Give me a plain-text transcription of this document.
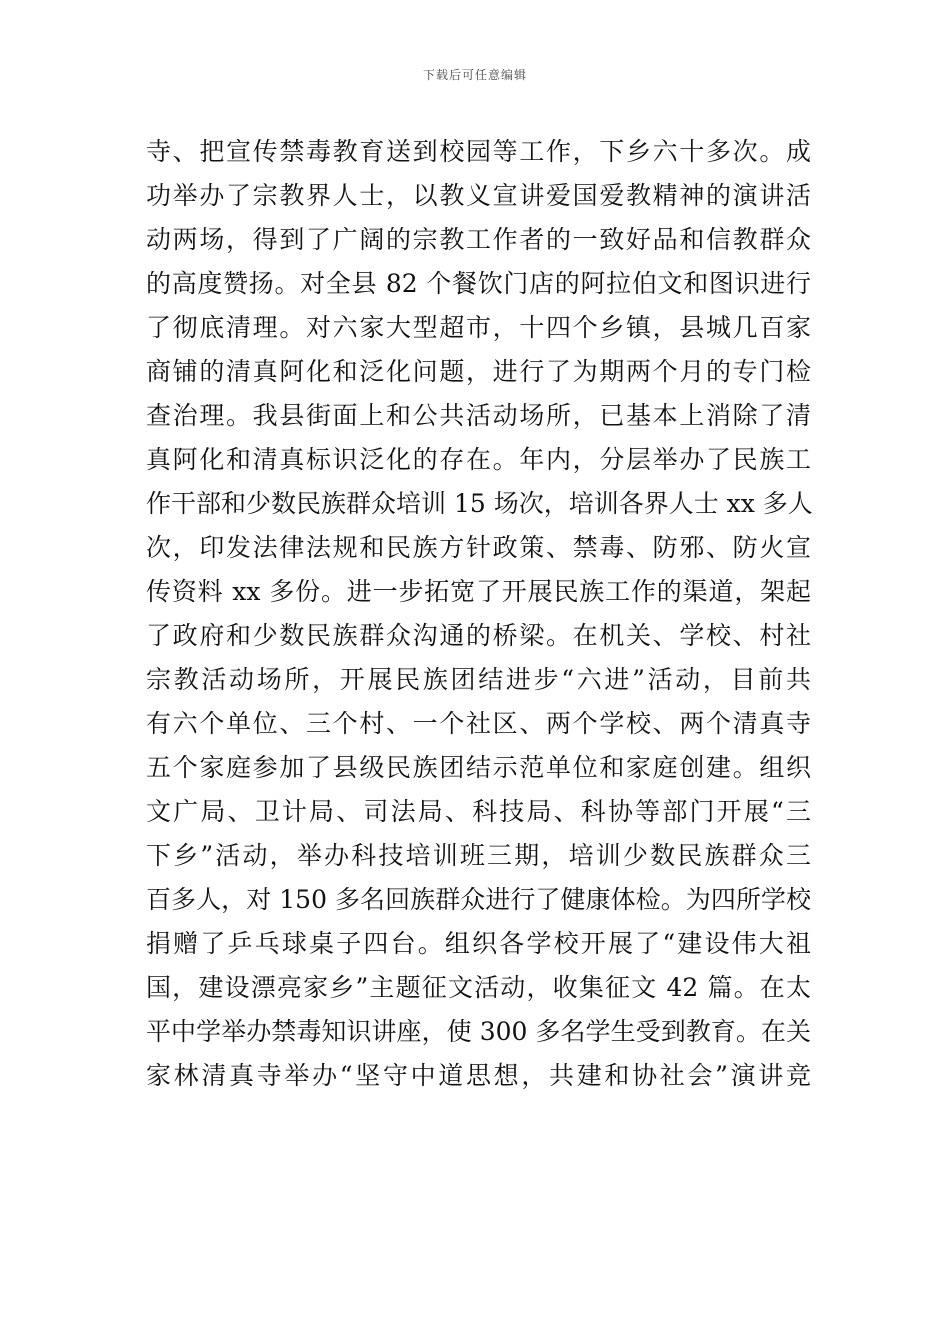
下载后可任意编辑
寺、把宣传禁毒教育送到校园等工作，下乡六十多次。成
功举办了宗教界人士，以教义宣讲爱国爱教精神的演讲活
动两场，得到了广阔的宗教工作者的一致好品和信教群众
的高度赞扬。对全县 82 个餐饮门店的阿拉伯文和图识进行
了彻底清理。对六家大型超市，十四个乡镇，县城几百家
商铺的清真阿化和泛化问题，进行了为期两个月的专门检
查治理。我县街面上和公共活动场所，已基本上消除了清
真阿化和清真标识泛化的存在。年内，分层举办了民族工
作干部和少数民族群众培训 15 场次，培训各界人士 xx 多人
次，印发法律法规和民族方针政策、禁毒、防邪、防火宣
传资料 xx 多份。进一步拓宽了开展民族工作的渠道，架起
了政府和少数民族群众沟通的桥梁。在机关、学校、村社
宗教活动场所，开展民族团结进步“六进”活动，目前共
有六个单位、三个村、一个社区、两个学校、两个清真寺
五个家庭参加了县级民族团结示范单位和家庭创建。组织
文广局、卫计局、司法局、科技局、科协等部门开展“三
下乡”活动，举办科技培训班三期，培训少数民族群众三
百多人，对 150 多名回族群众进行了健康体检。为四所学校
捐赠了乒乓球桌子四台。组织各学校开展了“建设伟大祖
国，建设漂亮家乡”主题征文活动，收集征文 42 篇。在太
平中学举办禁毒知识讲座，使 300 多名学生受到教育。在关
家林清真寺举办“坚守中道思想，共建和协社会”演讲竞
